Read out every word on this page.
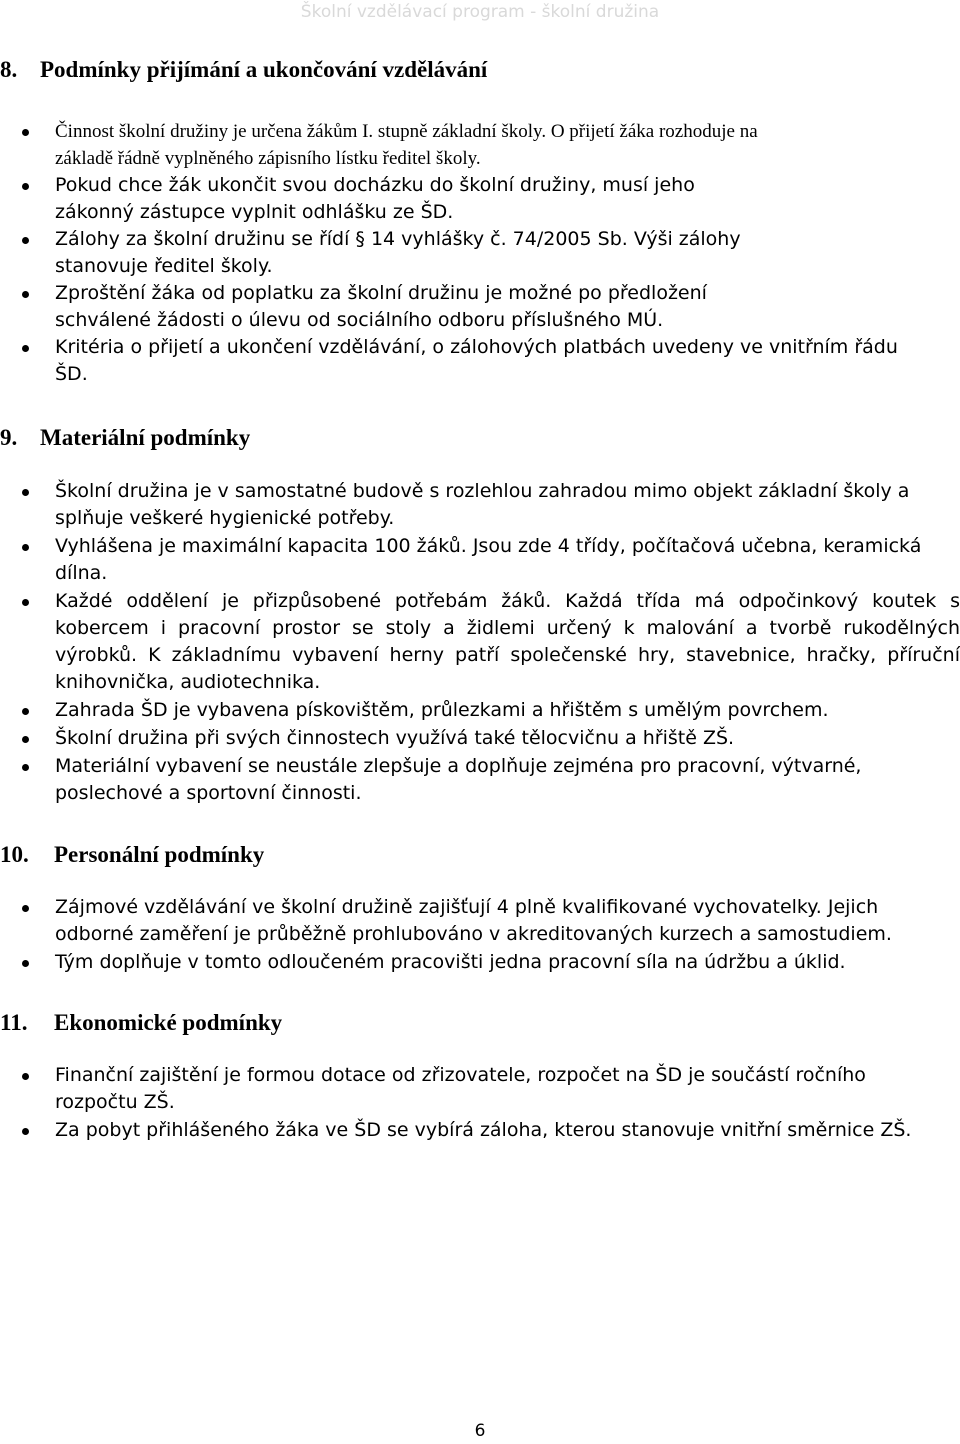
Školní vzdělávací program - školní družina
8. Podmínky přijímání a ukončování vzdělávání
Činnost školní družiny je určena žákům I. stupně základní školy. O přijetí žáka rozhoduje na základě řádně vyplněného zápisního lístku ředitel školy.
Pokud chce žák ukončit svou docházku do školní družiny, musí jeho zákonný zástupce vyplnit odhlášku ze ŠD.
Zálohy za školní družinu se řídí § 14 vyhlášky č. 74/2005 Sb. Výši zálohy stanovuje ředitel školy.
Zproštění žáka od poplatku za školní družinu je možné po předložení schválené žádosti o úlevu od sociálního odboru příslušného MÚ.
Kritéria o přijetí a ukončení vzdělávání, o zálohových platbách uvedeny ve vnitřním řádu ŠD.
9. Materiální podmínky
Školní družina je v samostatné budově s rozlehlou zahradou mimo objekt základní školy a splňuje veškeré hygienické potřeby.
Vyhlášena je maximální kapacita 100 žáků. Jsou zde 4 třídy, počítačová učebna, keramická dílna.
Každé oddělení je přizpůsobené potřebám žáků. Každá třída má odpočinkový koutek s kobercem i pracovní prostor se stoly a židlemi určený k malování a tvorbě rukodělných výrobků. K základnímu vybavení herny patří společenské hry, stavebnice, hračky, příruční knihovnička, audiotechnika.
Zahrada ŠD je vybavena pískovištěm, průlezkami a hřištěm s umělým povrchem.
Školní družina při svých činnostech využívá také tělocvičnu a hřiště ZŠ.
Materiální vybavení se neustále zlepšuje a doplňuje zejména pro pracovní, výtvarné, poslechové a sportovní činnosti.
10. Personální podmínky
Zájmové vzdělávání ve školní družině zajišťují 4 plně kvalifikované vychovatelky. Jejich odborné zaměření je průběžně prohlubováno v akreditovaných kurzech a samostudiem.
Tým doplňuje v tomto odloučeném pracovišti jedna pracovní síla na údržbu a úklid.
11. Ekonomické podmínky
Finanční zajištění je formou dotace od zřizovatele, rozpočet na ŠD je součástí ročního rozpočtu ZŠ.
Za pobyt přihlášeného žáka ve ŠD se vybírá záloha, kterou stanovuje vnitřní směrnice ZŠ.
6
